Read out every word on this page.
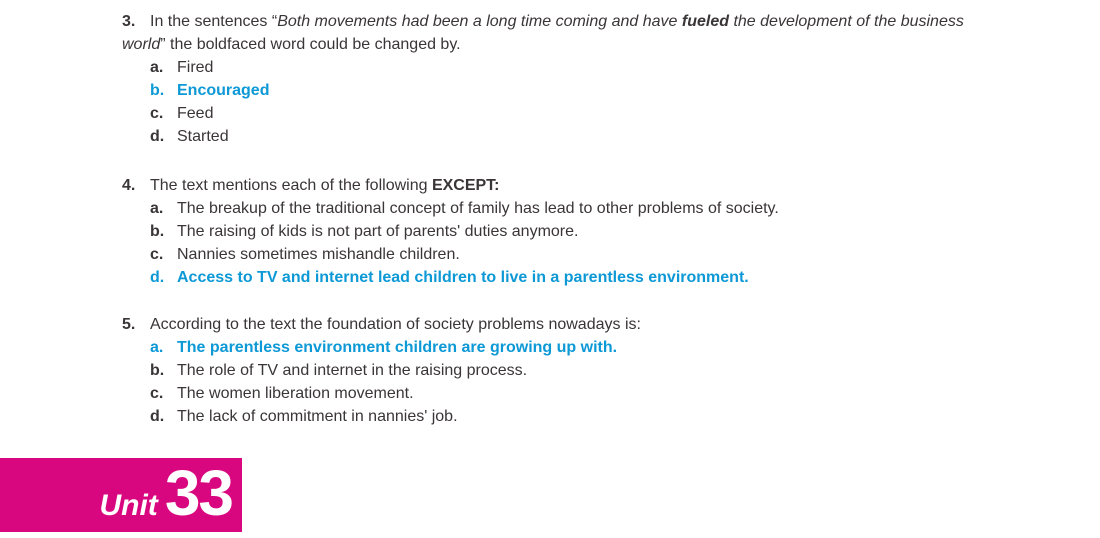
3. In the sentences “Both movements had been a long time coming and have fueled the development of the business
world” the boldfaced word could be changed by.

a. Fired
b. Encouraged
c. Feed
d. Started

4. The text mentions each of the following EXCEPT:

a. The breakup of the traditional concept of family has lead to other problems of society.
b. The raising of kids is not part of parents' duties anymore.
c. Nannies sometimes mishandle children.
d. Access to TV and internet lead children to live in a parentless environment.

5. According to the text the foundation of society problems nowadays is:

a. The parentless environment children are growing up with.
b. The role of TV and internet in the raising process.
c. The women liberation movement.
d. The lack of commitment in nannies' job.
Unit 33
